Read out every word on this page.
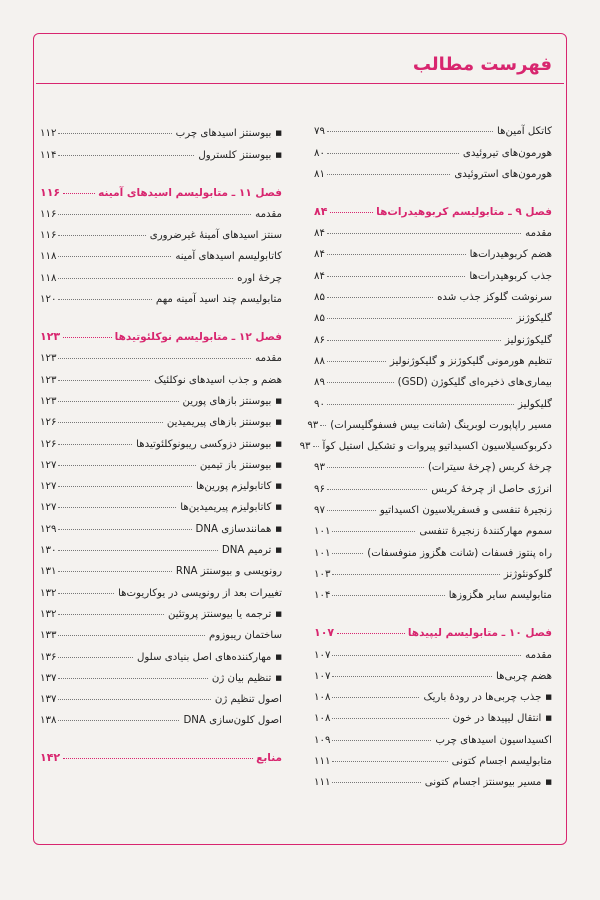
فهرست مطالب
کاتکل آمین‌ها
۷۹
هورمون‌های تیروئیدی
۸۰
هورمون‌های استروئیدی
۸۱
فصل ۹ ـ متابولیسم کربوهیدرات‌ها
۸۴
مقدمه
۸۴
هضم کربوهیدرات‌ها
۸۴
جذب کربوهیدرات‌ها
۸۴
سرنوشت گلوکز جذب شده
۸۵
گلیکوژنز
۸۵
گلیکوژنولیز
۸۶
تنظیم هورمونی گلیکوژنز و گلیکوژنولیز
۸۸
بیماری‌های ذخیره‌ای گلیکوژن (GSD)
۸۹
گلیکولیز
۹۰
مسیر راپاپورت لوبرینگ (شانت بیس فسفوگلیسرات)
۹۳
دکربوکسیلاسیون اکسیداتیو پیروات و تشکیل استیل کوآ
۹۳
چرخهٔ کربس (چرخهٔ سیترات)
۹۳
انرژی حاصل از چرخهٔ کربس
۹۶
زنجیرهٔ تنفسی و فسفریلاسیون اکسیداتیو
۹۷
سموم مهارکنندهٔ زنجیرهٔ تنفسی
۱۰۱
راه پنتوز فسفات (شانت هگزوز منوفسفات)
۱۰۱
گلوکونئوژنز
۱۰۳
متابولیسم سایر هگزوزها
۱۰۴
فصل ۱۰ ـ متابولیسم لیپیدها
۱۰۷
مقدمه
۱۰۷
هضم چربی‌ها
۱۰۷
■ جذب چربی‌ها در رودهٔ باریک
۱۰۸
■ انتقال لیپیدها در خون
۱۰۸
اکسیداسیون اسیدهای چرب
۱۰۹
متابولیسم اجسام کتونی
۱۱۱
■ مسیر بیوسنتز اجسام کتونی
۱۱۱
■ بیوسنتز اسیدهای چرب
۱۱۲
■ بیوسنتز کلسترول
۱۱۴
فصل ۱۱ ـ متابولیسم اسیدهای آمینه
۱۱۶
مقدمه
۱۱۶
سنتز اسیدهای آمینهٔ غیرضروری
۱۱۶
کاتابولیسم اسیدهای آمینه
۱۱۸
چرخهٔ اوره
۱۱۸
متابولیسم چند اسید آمینه مهم
۱۲۰
فصل ۱۲ ـ متابولیسم نوکلئوتیدها
۱۲۳
مقدمه
۱۲۳
هضم و جذب اسیدهای نوکلئیک
۱۲۳
■ بیوسنتز بازهای پورین
۱۲۳
■ بیوسنتز بازهای پیریمیدین
۱۲۶
■ بیوسنتز دزوکسی ریبونوکلئوتیدها
۱۲۶
■ بیوسنتز باز تیمین
۱۲۷
■ کاتابولیزم پورین‌ها
۱۲۷
■ کاتابولیزم پیریمیدین‌ها
۱۲۷
■ همانندسازی DNA
۱۲۹
■ ترمیم DNA
۱۳۰
رونویسی و بیوسنتز RNA
۱۳۱
تغییرات بعد از رونویسی در یوکاریوت‌ها
۱۳۲
■ ترجمه یا بیوسنتز پروتئین
۱۳۲
ساختمان ریبوزوم
۱۳۳
■ مهارکننده‌های اصل بنیادی سلول
۱۳۶
■ تنظیم بیان ژن
۱۳۷
اصول تنظیم ژن
۱۳۷
اصول کلون‌سازی DNA
۱۳۸
منابع
۱۴۲
